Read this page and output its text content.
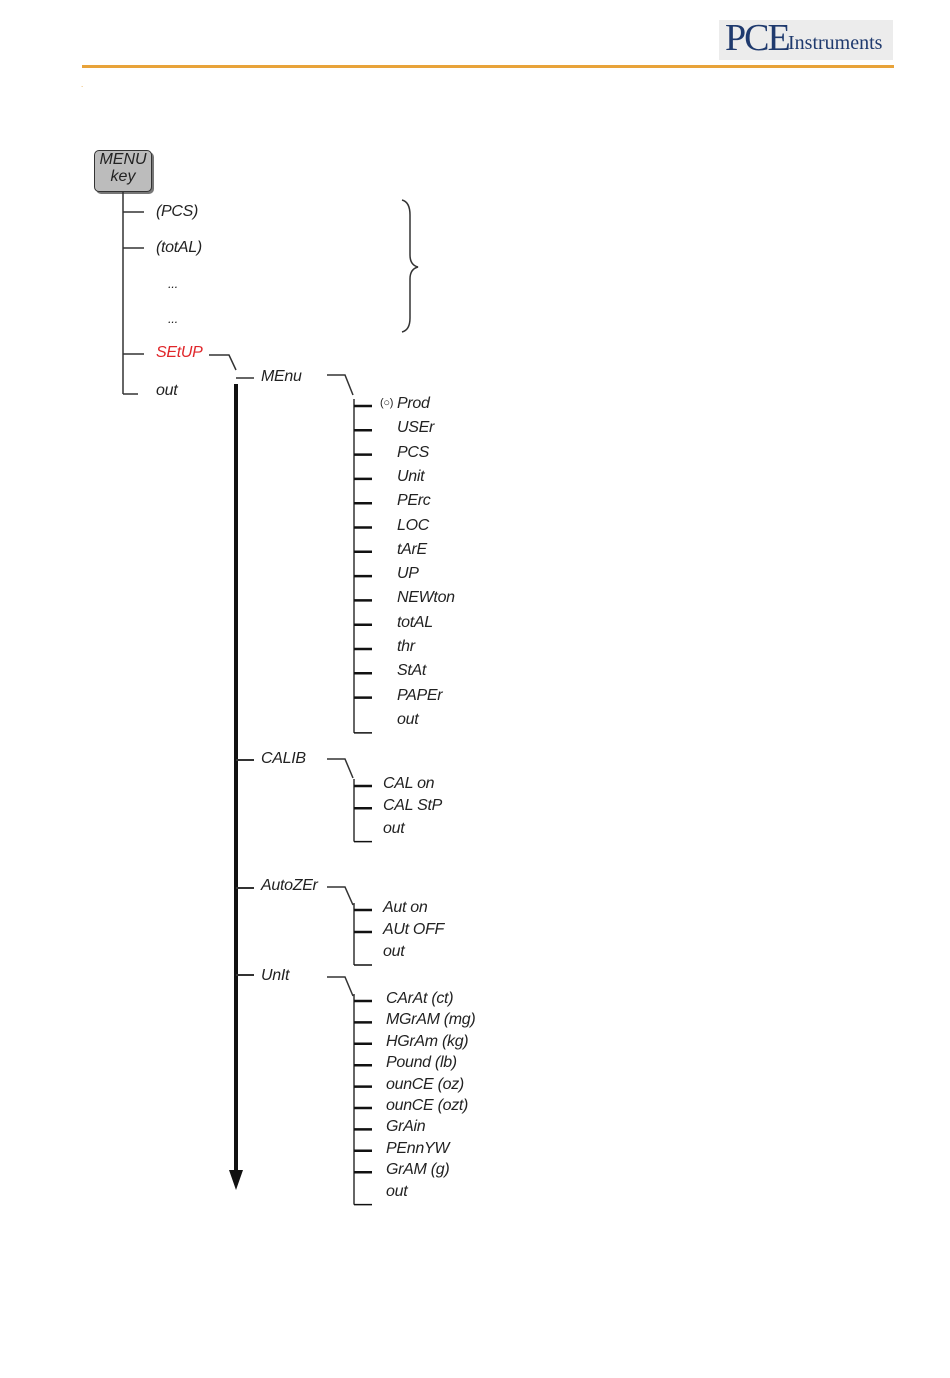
PCE Instruments
.
MENU
key
(PCS)
(totAL)
...
...
SEtUP
out
MEnu
CALIB
AutoZEr
UnIt
Prod
(○)
USEr
PCS
Unit
PErc
LOC
tArE
UP
NEWton
totAL
thr
StAt
PAPEr
out
CAL on
CAL StP
out
Aut on
AUt OFF
out
CArAt (ct)
MGrAM (mg)
HGrAm (kg)
Pound (lb)
ounCE (oz)
ounCE (ozt)
GrAin
PEnnYW
GrAM (g)
out
